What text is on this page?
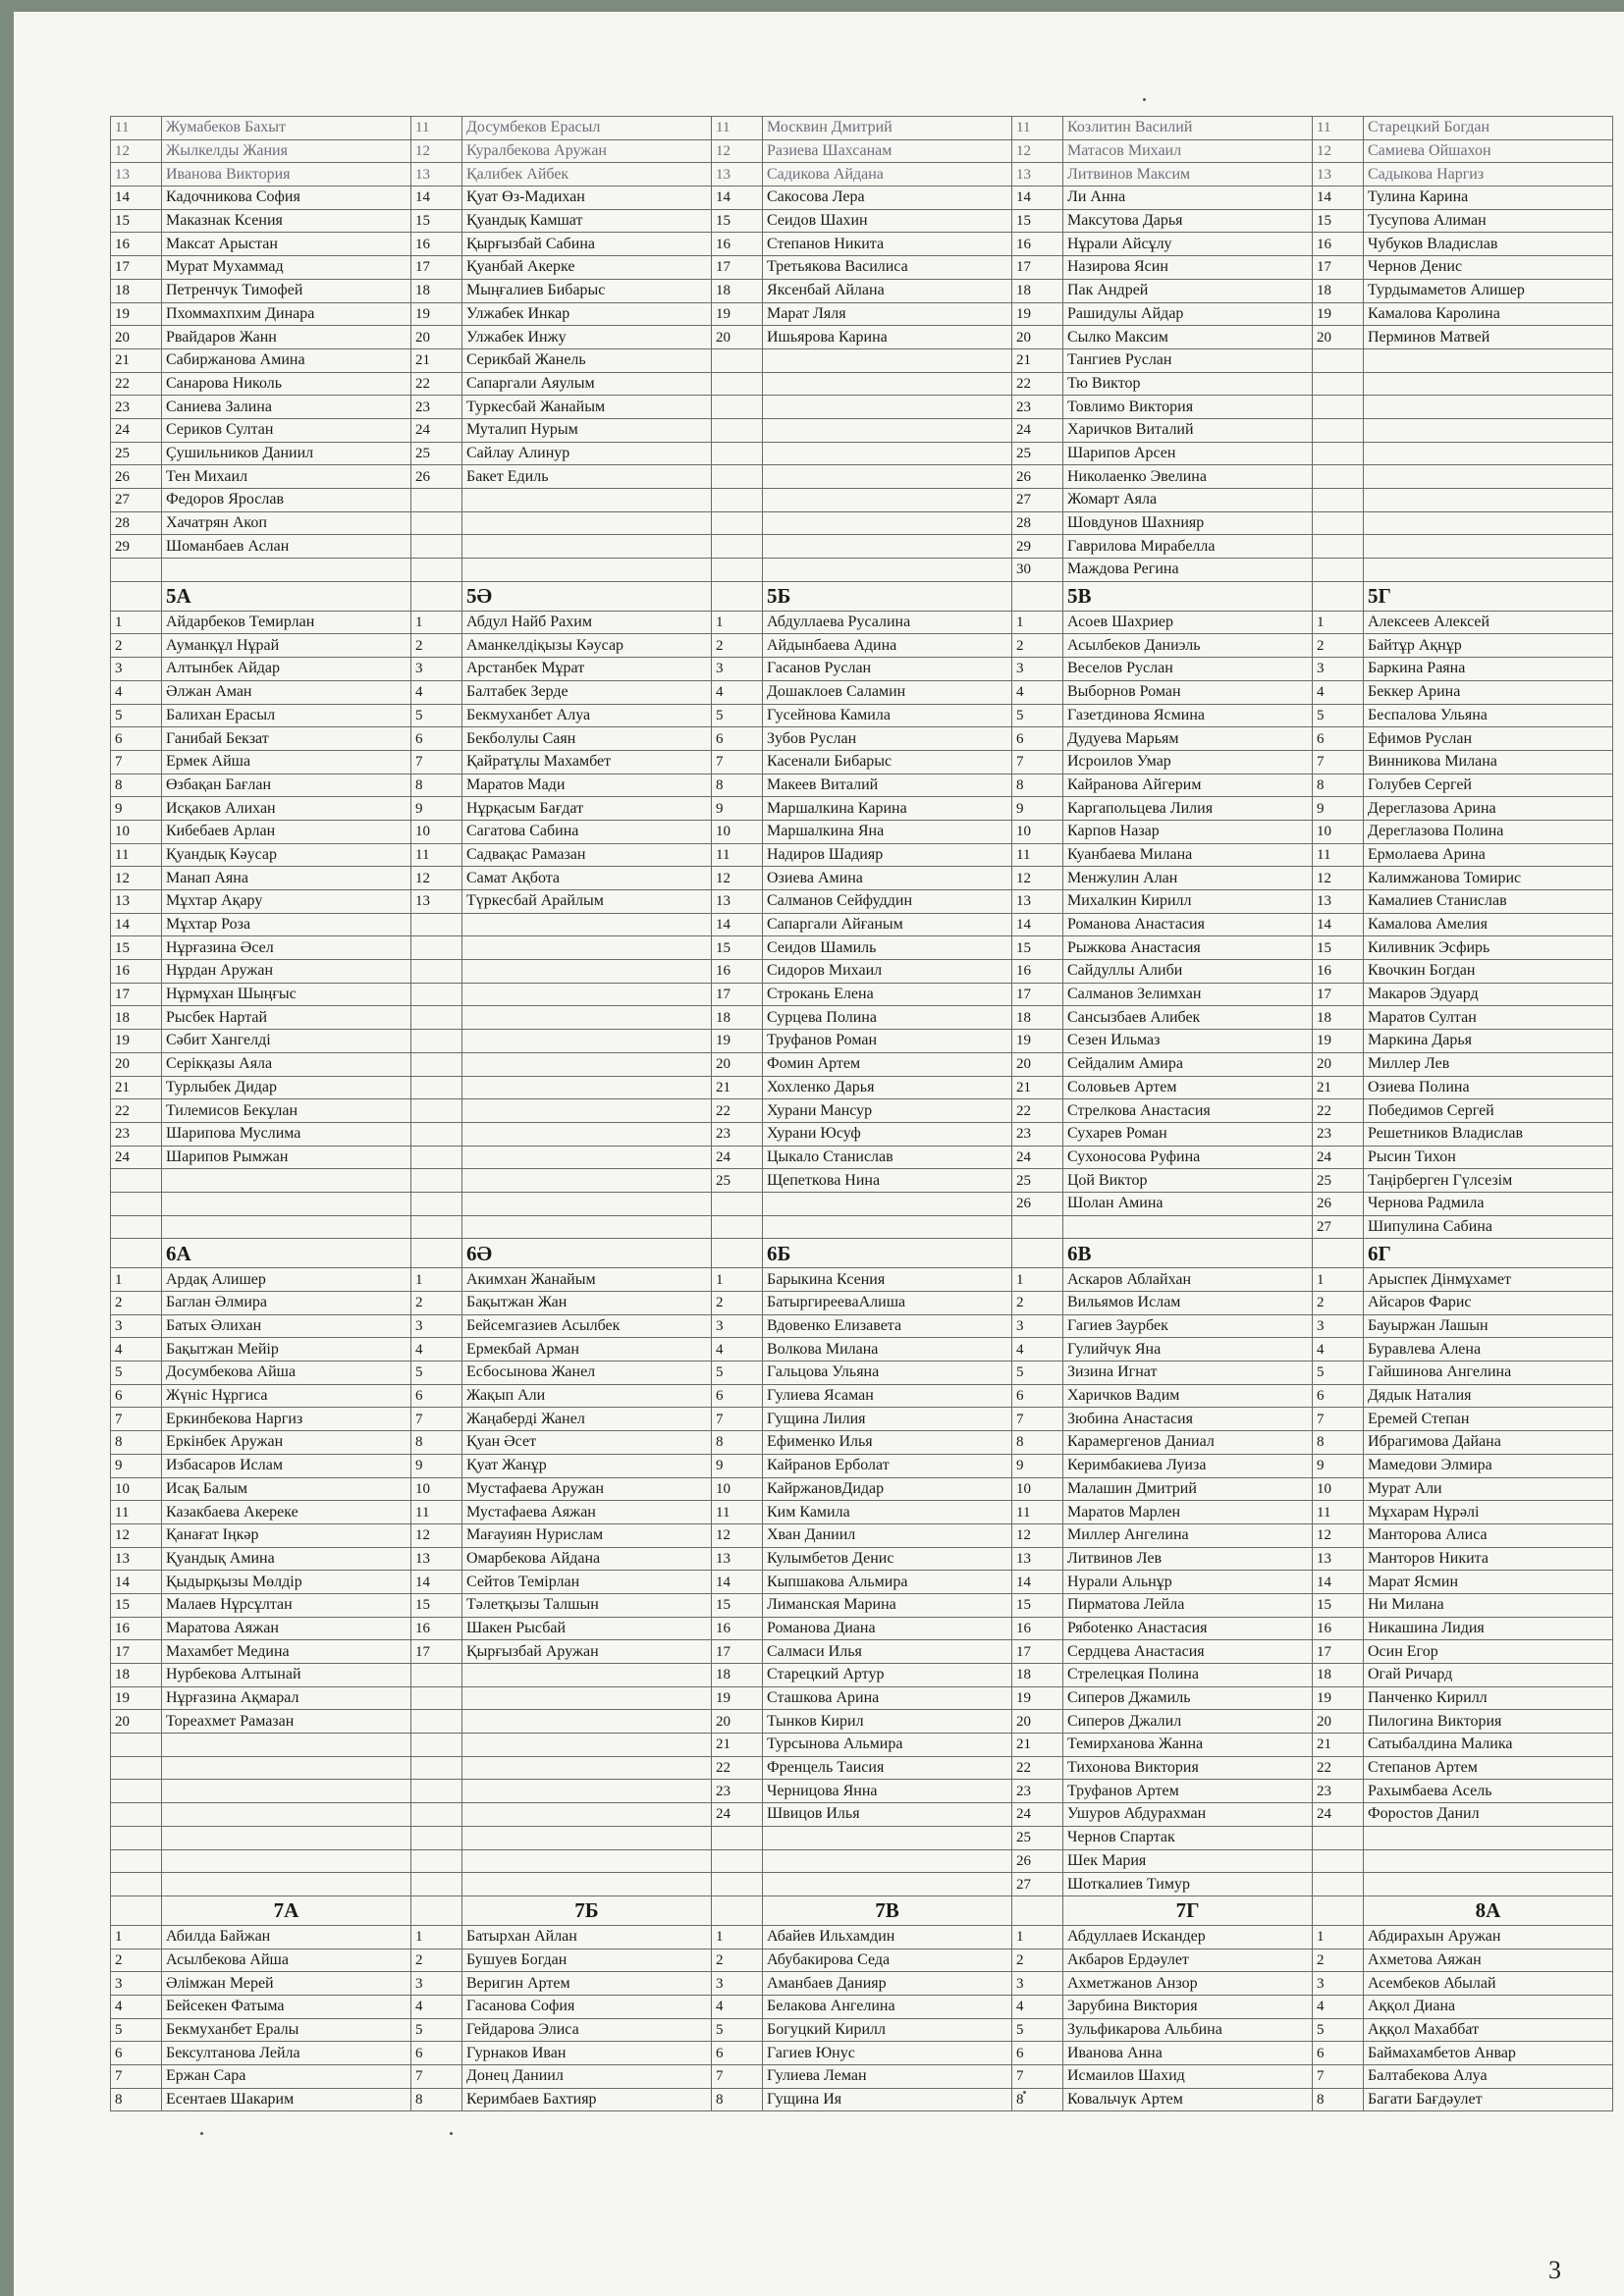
11	Жумабеков Бахыт	11	Досумбеков Ерасыл	11	Москвин Дмитрий	11	Козлитин Василий	11	Старецкий Богдан
12	Жылкелды Жания	12	Куралбекова Аружан	12	Разиева Шахсанам	12	Матасов Михаил	12	Самиева Ойшахон
13	Иванова Виктория	13	Қалибек Айбек	13	Садикова Айдана	13	Литвинов Максим	13	Садыкова Наргиз
14	Кадочникова София	14	Қуат Өз-Мадихан	14	Сакосова Лера	14	Ли Анна	14	Тулина Карина
15	Маказнак Ксения	15	Қуандық Камшат	15	Сеидов Шахин	15	Максутова Дарья	15	Тусупова Алиман
16	Максат Арыстан	16	Қырғызбай Сабина	16	Степанов Никита	16	Нұрали Айсұлу	16	Чубуков Владислав
17	Мурат Мухаммад	17	Қуанбай Акерке	17	Третьякова Василиса	17	Назирова Ясин	17	Чернов Денис
18	Петренчук Тимофей	18	Мыңғалиев Бибарыс	18	Яксенбай Айлана	18	Пак Андрей	18	Турдымаметов Алишер
19	Пхоммахпхим Динара	19	Улжабек Инкар	19	Марат Ляля	19	Рашидулы Айдар	19	Камалова Каролина
20	Рвайдаров Жанн	20	Улжабек Инжу	20	Ишьярова Карина	20	Сылко Максим	20	Перминов Матвей
21	Сабиржанова Амина	21	Серикбай Жанель			21	Тангиев Руслан		
22	Санарова Николь	22	Сапаргали Аяулым			22	Тю Виктор		
23	Саниева Залина	23	Туркесбай Жанайым			23	Товлимо Виктория		
24	Сериков Султан	24	Муталип Нурым			24	Харичков Виталий		
25	Çушильников Даниил	25	Сайлау Алинур			25	Шарипов Арсен		
26	Тен Михаил	26	Бакет Едиль			26	Николаенко Эвелина		
27	Федоров Ярослав					27	Жомарт Аяла		
28	Хачатрян Акоп					28	Шовдунов Шахнияр		
29	Шоманбаев Аслан					29	Гаврилова Мирабелла		
						30	Маждова Регина		
	5А		5Ә		5Б		5В		5Г
1	Айдарбеков Темирлан	1	Абдул Найб Рахим	1	Абдуллаева Русалина	1	Асоев Шахриер	1	Алексеев Алексей
2	Ауманқұл Нұрай	2	Аманкелдіқызы Кәусар	2	Айдынбаева Адина	2	Асылбеков Даниэль	2	Байтұр Ақнұр
3	Алтынбек Айдар	3	Арстанбек Мұрат	3	Гасанов Руслан	3	Веселов Руслан	3	Баркина Раяна
4	Әлжан Аман	4	Балтабек Зерде	4	Дошаклоев Саламин	4	Выборнов Роман	4	Беккер Арина
5	Балихан Ерасыл	5	Бекмуханбет Алуа	5	Гусейнова Камила	5	Газетдинова Ясмина	5	Беспалова Ульяна
6	Ганибай Бекзат	6	Бекболулы Саян	6	Зубов Руслан	6	Дудуева Марьям	6	Ефимов Руслан
7	Ермек Айша	7	Қайратұлы Махамбет	7	Касенали Бибарыс	7	Исроилов Умар	7	Винникова Милана
8	Өзбақан Бағлан	8	Маратов Мади	8	Макеев Виталий	8	Кайранова Айгерим	8	Голубев Сергей
9	Исқаков Алихан	9	Нұрқасым Бағдат	9	Маршалкина Карина	9	Каргапольцева Лилия	9	Дереглазова Арина
10	Кибебаев Арлан	10	Сагатова Сабина	10	Маршалкина Яна	10	Карпов Назар	10	Дереглазова Полина
11	Қуандық Кәусар	11	Садвақас Рамазан	11	Надиров Шадияр	11	Куанбаева Милана	11	Ермолаева Арина
12	Манап Аяна	12	Самат Ақбота	12	Озиева Амина	12	Менжулин Алан	12	Калимжанова Томирис
13	Мұхтар Ақару	13	Түркесбай Арайлым	13	Салманов Сейфуддин	13	Михалкин Кирилл	13	Камалиев Станислав
14	Мұхтар Роза			14	Сапаргали Айғаным	14	Романова Анастасия	14	Камалова Амелия
15	Нұрғазина Әсел			15	Сеидов Шамиль	15	Рыжкова Анастасия	15	Киливник Эсфирь
16	Нұрдан Аружан			16	Сидоров Михаил	16	Сайдуллы Алиби	16	Квочкин Богдан
17	Нұрмұхан Шыңғыс			17	Строкань Елена	17	Салманов Зелимхан	17	Макаров Эдуард
18	Рысбек Нартай			18	Сурцева Полина	18	Сансызбаев Алибек	18	Маратов Султан
19	Сәбит Хангелді			19	Труфанов Роман	19	Сезен Ильмаз	19	Маркина Дарья
20	Серікқазы Аяла			20	Фомин Артем	20	Сейдалим Амира	20	Миллер Лев
21	Турлыбек Дидар			21	Хохленко Дарья	21	Соловьев Артем	21	Озиева Полина
22	Тилемисов Бекұлан			22	Хурани Мансур	22	Стрелкова Анастасия	22	Победимов Сергей
23	Шарипова Муслима			23	Хурани Юсуф	23	Сухарев Роман	23	Решетников Владислав
24	Шарипов Рымжан			24	Цыкало Станислав	24	Сухоносова Руфина	24	Рысин Тихон
				25	Щепеткова Нина	25	Цой Виктор	25	Таңірберген Гүлсезім
						26	Шолан Амина	26	Чернова Радмила
								27	Шипулина Сабина
	6А		6Ә		6Б		6В		6Г
1	Ардақ Алишер	1	Акимхан Жанайым	1	Барыкина Ксения	1	Аскаров Аблайхан	1	Арыспек Дінмұхамет
2	Баглан Әлмира	2	Бақытжан Жан	2	БатыргиреевaАлиша	2	Вильямов Ислам	2	Айсаров Фарис
3	Батых Әлихан	3	Бейсемгазиев Асылбек	3	Вдовенко Елизавета	3	Гагиев Заурбек	3	Бауыржан Лашын
4	Бақытжан Мейір	4	Ермекбай Арман	4	Волкова Милана	4	Гулийчук Яна	4	Буравлева Алена
5	Досумбекова Айша	5	Есбосынова Жанел	5	Гальцова Ульяна	5	Зизина Игнат	5	Гайшинова Ангелина
6	Жүніс Нұргиса	6	Жақып Али	6	Гулиева Ясаман	6	Харичков Вадим	6	Дядык Наталия
7	Еркинбекова Наргиз	7	Жаңаберді Жанел	7	Гущина Лилия	7	Зюбина Анастасия	7	Еремей Степан
8	Еркінбек Аружан	8	Қуан Әсет	8	Ефименко Илья	8	Карамергенов Даниал	8	Ибрагимова Дайана
9	Избасаров Ислам	9	Қуат Жанұр	9	Кайранов Ерболат	9	Керимбакиева Луиза	9	Мамедови Элмира
10	Исақ Балым	10	Мустафаева Аружан	10	КайржановДидар	10	Малашин Дмитрий	10	Мурат Али
11	Казакбаева Акереке	11	Мустафаева Аяжан	11	Ким Камила	11	Маратов Марлен	11	Мұхарам Нұрәлі
12	Қанағат Іңкәр	12	Мағауиян Нурислам	12	Хван Даниил	12	Миллер Ангелина	12	Манторова Алиса
13	Қуандық Амина	13	Омарбекова Айдана	13	Кулымбетов Денис	13	Литвинов Лев	13	Манторов Никита
14	Қыдырқызы Мөлдір	14	Сейтов Темірлан	14	Кыпшакова Альмира	14	Нурали Альнұр	14	Марат Ясмин
15	Малаев Нұрсұлтан	15	Тәлетқызы Талшын	15	Лиманская Марина	15	Пирматова Лейла	15	Ни Милана
16	Маратова Аяжан	16	Шакен Рысбай	16	Романова Диана	16	Рябotенко Анастасия	16	Никашина Лидия
17	Махамбет Медина	17	Қырғызбай Аружан	17	Салмаси Илья	17	Сердцева Анастасия	17	Осин Егор
18	Нурбекова Алтынай			18	Старецкий Артур	18	Стрелецкая Полина	18	Огай Ричард
19	Нұрғазина Ақмарал			19	Сташкова Арина	19	Сиперов Джамиль	19	Панченко Кирилл
20	Тореахмет Рамазан			20	Тынков Кирил	20	Сиперов Джалил	20	Пилогина Виктория
				21	Турсынова Альмира	21	Темирханова Жанна	21	Сатыбалдина Малика
				22	Френцель Таисия	22	Тихонова Виктория	22	Степанов Артем
				23	Черницова Янна	23	Труфанов Артем	23	Рахымбаева Асель
				24	Швицов Илья	24	Ушуров Абдурахман	24	Форостов Данил
						25	Чернов Спартак		
						26	Шек Мария		
						27	Шоткалиев Тимур		
	7А		7Б		7В		7Г		8А
1	Абилда Байжан	1	Батырхан Айлан	1	Абайев Ильхамдин	1	Абдуллаев Искандер	1	Абдирахын Аружан
2	Асылбекова Айша	2	Бушуев Богдан	2	Абубакирова Седа	2	Акбаров Ердәулет	2	Ахметова Аяжан
3	Әлімжан Мерей	3	Веригин Артем	3	Аманбаев Данияр	3	Ахметжанов Анзор	3	Асембеков Абылай
4	Бейсекен Фатыма	4	Гасанова София	4	Белакова Ангелина	4	Зарубина Виктория	4	Аққол Диана
5	Бекмуханбет Ералы	5	Гейдарова Элиса	5	Богуцкий Кирилл	5	Зульфикарова Альбина	5	Аққол Махаббат
6	Бексултанова Лейла	6	Гурнаков Иван	6	Гагиев Юнус	6	Иванова Анна	6	Баймахамбетов Анвар
7	Ержан Сара	7	Донец Даниил	7	Гулиева Леман	7	Исмаилов Шахид	7	Балтабекова Алуа
8	Есентаев Шакарим	8	Керимбаев Бахтияр	8	Гущина Ия	8	Ковальчук Артем	8	Багати Бағдәулет
3
